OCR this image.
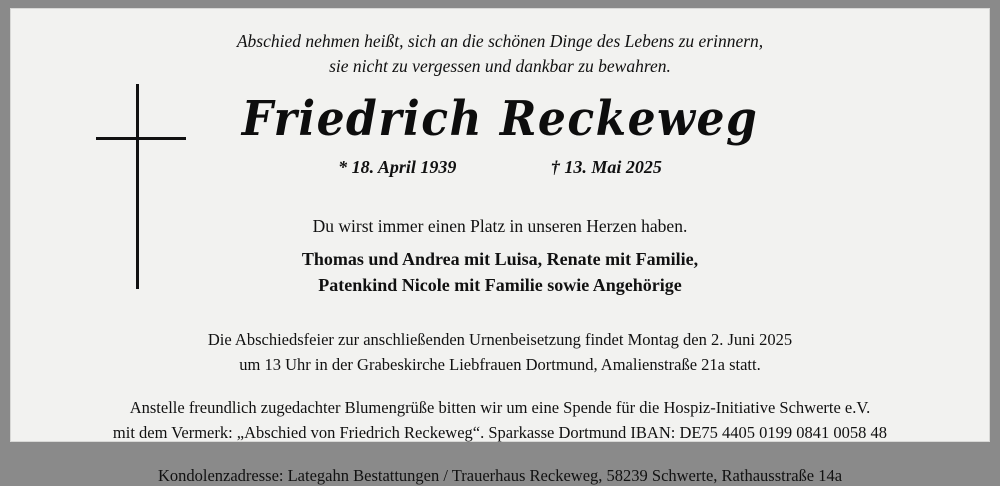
Abschied nehmen heißt, sich an die schönen Dinge des Lebens zu erinnern,
sie nicht zu vergessen und dankbar zu bewahren.
Friedrich Reckeweg
* 18. April 1939	† 13. Mai 2025
Du wirst immer einen Platz in unseren Herzen haben.
Thomas und Andrea mit Luisa, Renate mit Familie,
Patenkind Nicole mit Familie sowie Angehörige
Die Abschiedsfeier zur anschließenden Urnenbeisetzung findet Montag den 2. Juni 2025
um 13 Uhr in der Grabeskirche Liebfrauen Dortmund, Amalienstraße 21a statt.
Anstelle freundlich zugedachter Blumengrüße bitten wir um eine Spende für die Hospiz-Initiative Schwerte e.V.
mit dem Vermerk: „Abschied von Friedrich Reckeweg“. Sparkasse Dortmund IBAN: DE75 4405 0199 0841 0058 48
Kondolenzadresse: Lategahn Bestattungen / Trauerhaus Reckeweg, 58239 Schwerte, Rathausstraße 14a
